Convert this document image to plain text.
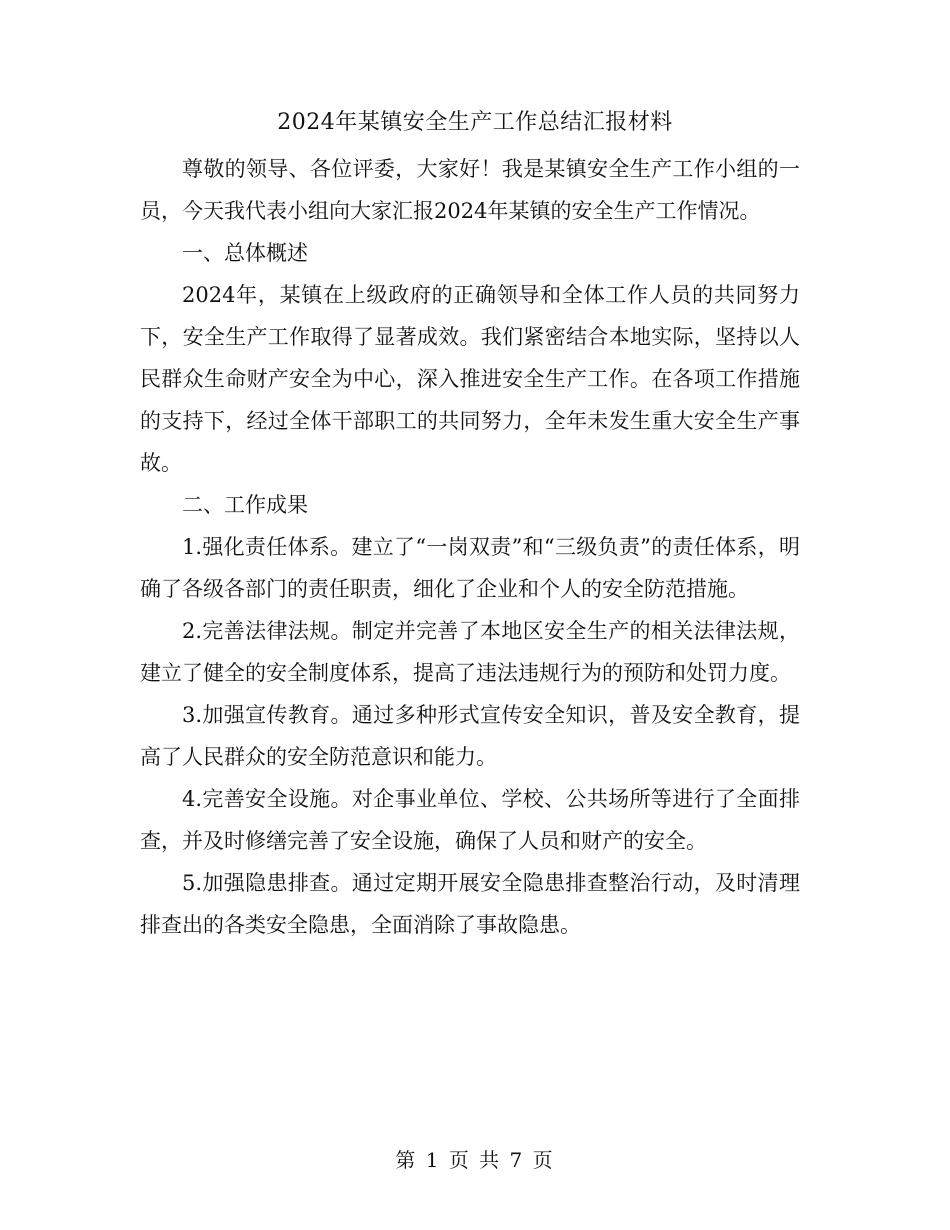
2024年某镇安全生产工作总结汇报材料

尊敬的领导、各位评委，大家好！我是某镇安全生产工作小组的一员，今天我代表小组向大家汇报2024年某镇的安全生产工作情况。

一、总体概述

2024年，某镇在上级政府的正确领导和全体工作人员的共同努力下，安全生产工作取得了显著成效。我们紧密结合本地实际，坚持以人民群众生命财产安全为中心，深入推进安全生产工作。在各项工作措施的支持下，经过全体干部职工的共同努力，全年未发生重大安全生产事故。

二、工作成果

1.强化责任体系。建立了“一岗双责”和“三级负责”的责任体系，明确了各级各部门的责任职责，细化了企业和个人的安全防范措施。

2.完善法律法规。制定并完善了本地区安全生产的相关法律法规，建立了健全的安全制度体系，提高了违法违规行为的预防和处罚力度。

3.加强宣传教育。通过多种形式宣传安全知识，普及安全教育，提高了人民群众的安全防范意识和能力。

4.完善安全设施。对企事业单位、学校、公共场所等进行了全面排查，并及时修缮完善了安全设施，确保了人员和财产的安全。

5.加强隐患排查。通过定期开展安全隐患排查整治行动，及时清理排查出的各类安全隐患，全面消除了事故隐患。

第 1 页 共 7 页
